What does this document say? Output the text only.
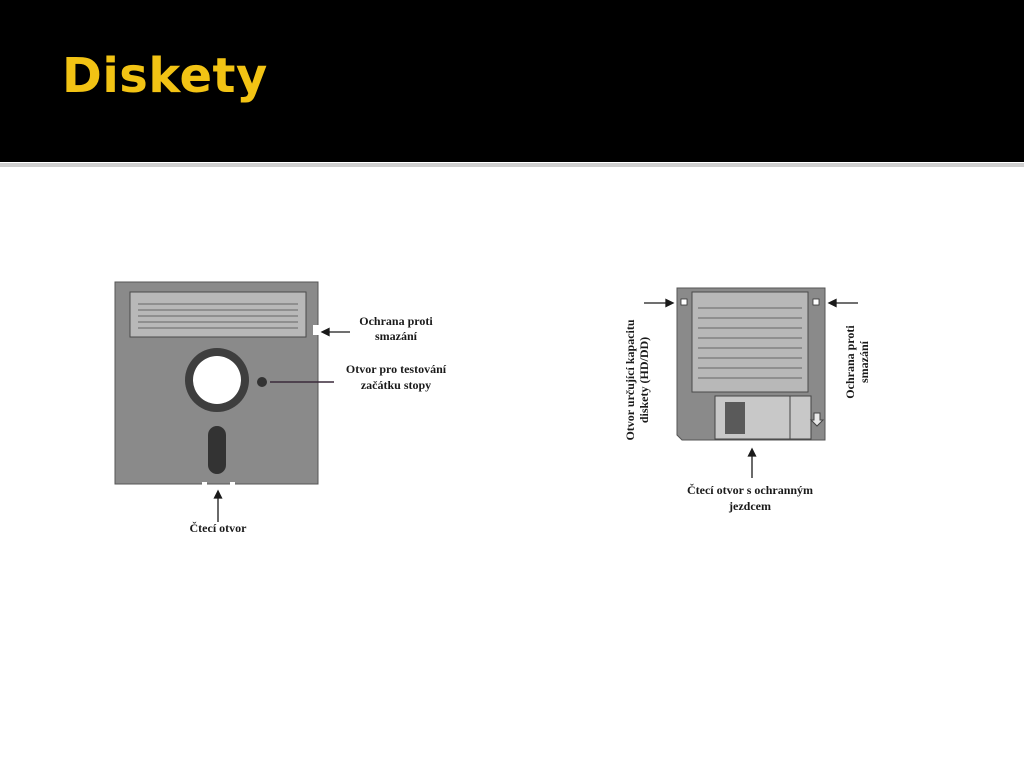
Diskety
Ochrana proti
smazání
Otvor pro testování
začátku stopy
Čtecí otvor
Otvor určující kapacitu diskety (HD/DD)	Ochrana proti smazání
Čtecí otvor s ochranným
jezdcem
